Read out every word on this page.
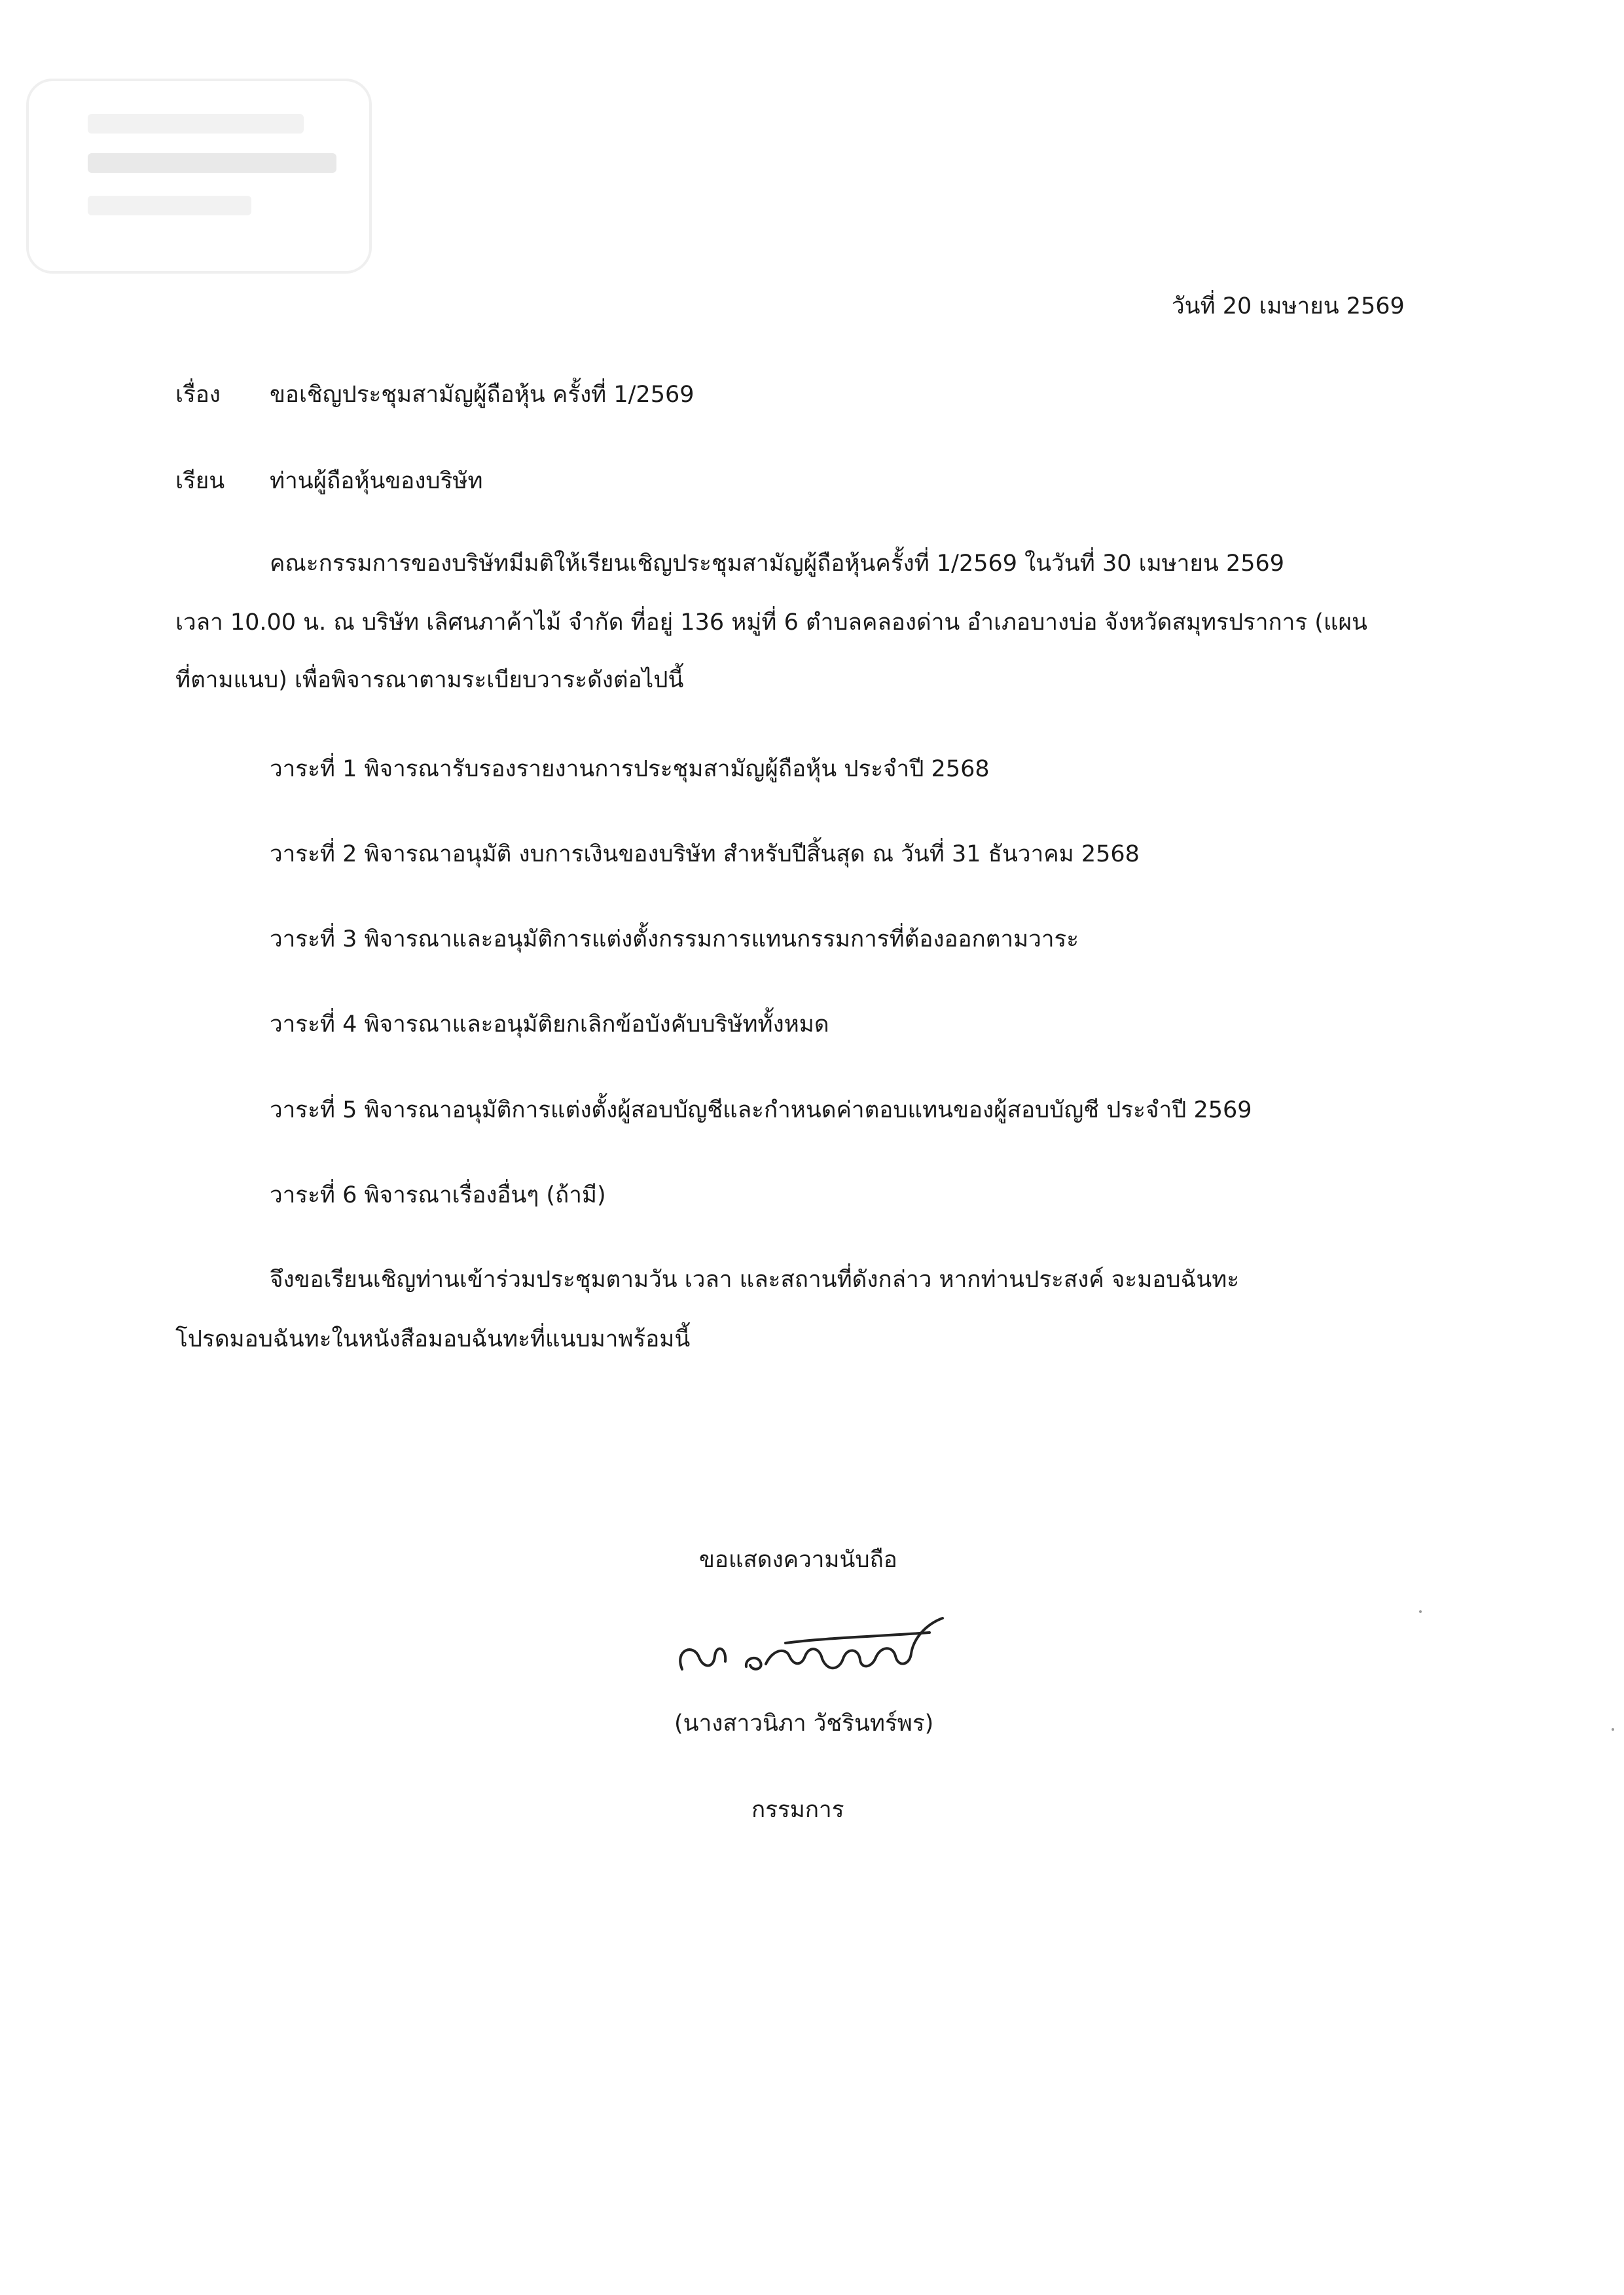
วันที่ 20 เมษายน 2569
เรื่อง ขอเชิญประชุมสามัญผู้ถือหุ้น ครั้งที่ 1/2569
เรียน ท่านผู้ถือหุ้นของบริษัท
คณะกรรมการของบริษัทมีมติให้เรียนเชิญประชุมสามัญผู้ถือหุ้นครั้งที่ 1/2569 ในวันที่ 30 เมษายน 2569
เวลา 10.00 น. ณ บริษัท เลิศนภาค้าไม้ จำกัด ที่อยู่ 136 หมู่ที่ 6 ตำบลคลองด่าน อำเภอบางบ่อ จังหวัดสมุทรปราการ (แผน
ที่ตามแนบ) เพื่อพิจารณาตามระเบียบวาระดังต่อไปนี้
วาระที่ 1 พิจารณารับรองรายงานการประชุมสามัญผู้ถือหุ้น ประจำปี 2568
วาระที่ 2 พิจารณาอนุมัติ งบการเงินของบริษัท สำหรับปีสิ้นสุด ณ วันที่ 31 ธันวาคม 2568
วาระที่ 3 พิจารณาและอนุมัติการแต่งตั้งกรรมการแทนกรรมการที่ต้องออกตามวาระ
วาระที่ 4 พิจารณาและอนุมัติยกเลิกข้อบังคับบริษัททั้งหมด
วาระที่ 5 พิจารณาอนุมัติการแต่งตั้งผู้สอบบัญชีและกำหนดค่าตอบแทนของผู้สอบบัญชี ประจำปี 2569
วาระที่ 6 พิจารณาเรื่องอื่นๆ (ถ้ามี)
จึงขอเรียนเชิญท่านเข้าร่วมประชุมตามวัน เวลา และสถานที่ดังกล่าว หากท่านประสงค์ จะมอบฉันทะ
โปรดมอบฉันทะในหนังสือมอบฉันทะที่แนบมาพร้อมนี้
ขอแสดงความนับถือ
(นางสาวนิภา วัชรินทร์พร)
กรรมการ
